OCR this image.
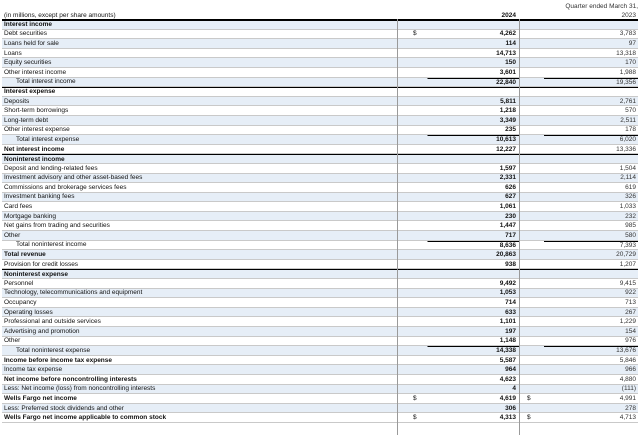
Quarter ended March 31,
(in millions, except per share amounts)	2024	2023
Interest income
Debt securities	$	4,262	3,783
Loans held for sale	114	97
Loans	14,713	13,318
Equity securities	150	170
Other interest income	3,601	1,988
Total interest income	22,840	19,356
Interest expense
Deposits	5,811	2,761
Short-term borrowings	1,218	570
Long-term debt	3,349	2,511
Other interest expense	235	178
Total interest expense	10,613	6,020
Net interest income	12,227	13,336
Noninterest income
Deposit and lending-related fees	1,597	1,504
Investment advisory and other asset-based fees	2,331	2,114
Commissions and brokerage services fees	626	619
Investment banking fees	627	326
Card fees	1,061	1,033
Mortgage banking	230	232
Net gains from trading and securities	1,447	985
Other	717	580
Total noninterest income	8,636	7,393
Total revenue	20,863	20,729
Provision for credit losses	938	1,207
Noninterest expense
Personnel	9,492	9,415
Technology, telecommunications and equipment	1,053	922
Occupancy	714	713
Operating losses	633	267
Professional and outside services	1,101	1,229
Advertising and promotion	197	154
Other	1,148	976
Total noninterest expense	14,338	13,676
Income before income tax expense	5,587	5,846
Income tax expense	964	966
Net income before noncontrolling interests	4,623	4,880
Less: Net income (loss) from noncontrolling interests	4	(111)
Wells Fargo net income	$	4,619	$	4,991
Less: Preferred stock dividends and other	306	278
Wells Fargo net income applicable to common stock	$	4,313	$	4,713
